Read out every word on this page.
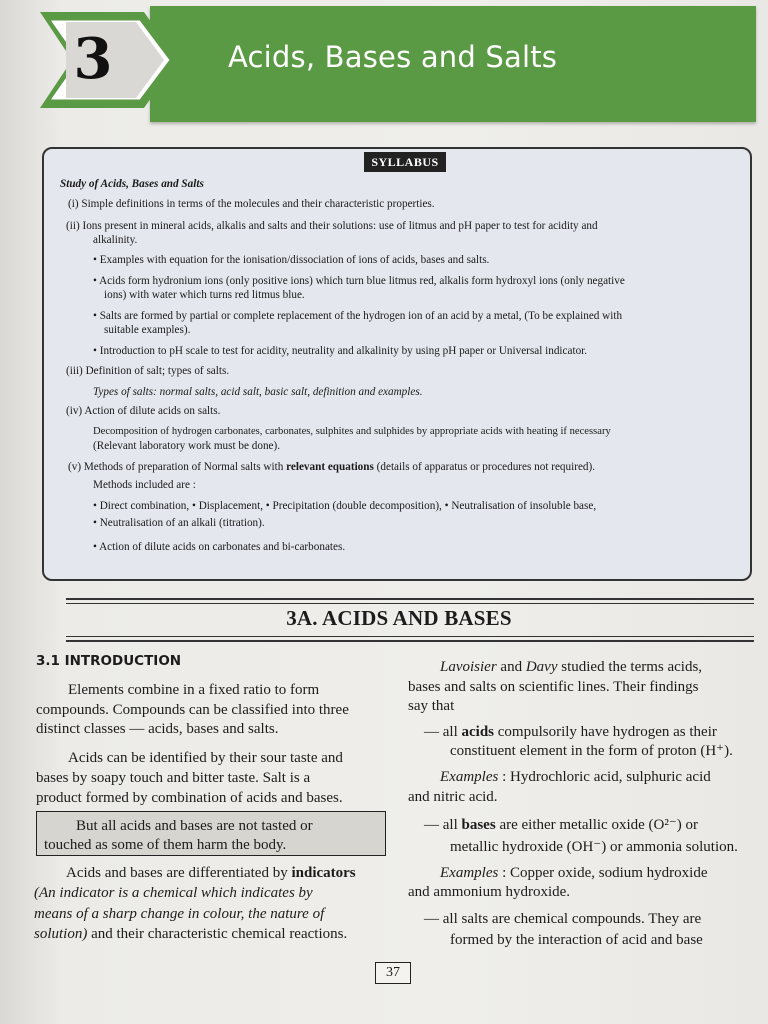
3	Acids, Bases and Salts
SYLLABUS
Study of Acids, Bases and Salts
(i) Simple definitions in terms of the molecules and their characteristic properties.
(ii) Ions present in mineral acids, alkalis and salts and their solutions: use of litmus and pH paper to test for acidity and
alkalinity.
• Examples with equation for the ionisation/dissociation of ions of acids, bases and salts.
• Acids form hydronium ions (only positive ions) which turn blue litmus red, alkalis form hydroxyl ions (only negative
ions) with water which turns red litmus blue.
• Salts are formed by partial or complete replacement of the hydrogen ion of an acid by a metal, (To be explained with
suitable examples).
• Introduction to pH scale to test for acidity, neutrality and alkalinity by using pH paper or Universal indicator.
(iii) Definition of salt; types of salts.
Types of salts: normal salts, acid salt, basic salt, definition and examples.
(iv) Action of dilute acids on salts.
Decomposition of hydrogen carbonates, carbonates, sulphites and sulphides by appropriate acids with heating if necessary
(Relevant laboratory work must be done).
(v) Methods of preparation of Normal salts with relevant equations (details of apparatus or procedures not required).
Methods included are :
• Direct combination, • Displacement, • Precipitation (double decomposition), • Neutralisation of insoluble base,
• Neutralisation of an alkali (titration).
• Action of dilute acids on carbonates and bi-carbonates.
3A. ACIDS AND BASES
3.1 INTRODUCTION
Elements combine in a fixed ratio to form
compounds. Compounds can be classified into three
distinct classes — acids, bases and salts.
Acids can be identified by their sour taste and
bases by soapy touch and bitter taste. Salt is a
product formed by combination of acids and bases.
But all acids and bases are not tasted or
touched as some of them harm the body.
Acids and bases are differentiated by indicators
(An indicator is a chemical which indicates by
means of a sharp change in colour, the nature of
solution) and their characteristic chemical reactions.
Lavoisier and Davy studied the terms acids,
bases and salts on scientific lines. Their findings
say that
— all acids compulsorily have hydrogen as their
constituent element in the form of proton (H⁺).
Examples : Hydrochloric acid, sulphuric acid
and nitric acid.
— all bases are either metallic oxide (O²⁻) or
metallic hydroxide (OH⁻) or ammonia solution.
Examples : Copper oxide, sodium hydroxide
and ammonium hydroxide.
— all salts are chemical compounds. They are
formed by the interaction of acid and base
37
